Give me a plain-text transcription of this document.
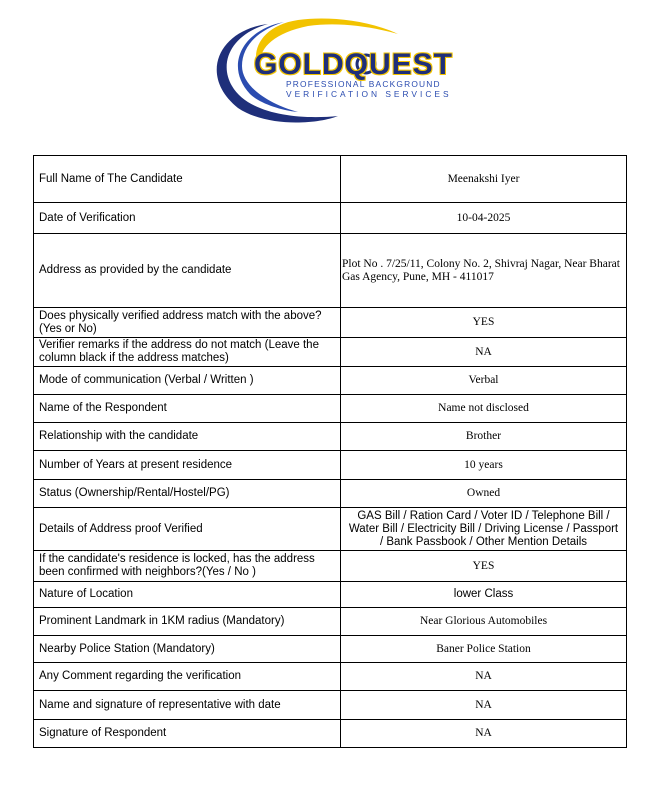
GOLDQUEST
PROFESSIONAL BACKGROUND
VERIFICATION SERVICES
Full Name of The Candidate	Meenakshi Iyer
Date of Verification	10-04-2025
Address as provided by the candidate	Plot No . 7/25/11, Colony No. 2, Shivraj Nagar, Near Bharat Gas Agency, Pune, MH - 411017
Does physically verified address match with the above? (Yes or No)	YES
Verifier remarks if the address do not match (Leave the column black if the address matches)	NA
Mode of communication (Verbal / Written )	Verbal
Name of the Respondent	Name not disclosed
Relationship with the candidate	Brother
Number of Years at present residence	10 years
Status (Ownership/Rental/Hostel/PG)	Owned
Details of Address proof Verified	GAS Bill / Ration Card / Voter ID / Telephone Bill / Water Bill / Electricity Bill / Driving License / Passport / Bank Passbook / Other Mention Details
If the candidate's residence is locked, has the address been confirmed with neighbors?(Yes / No )	YES
Nature of Location	lower Class
Prominent Landmark in 1KM radius (Mandatory)	Near Glorious Automobiles
Nearby Police Station (Mandatory)	Baner Police Station
Any Comment regarding the verification	NA
Name and signature of representative with date	NA
Signature of Respondent	NA
